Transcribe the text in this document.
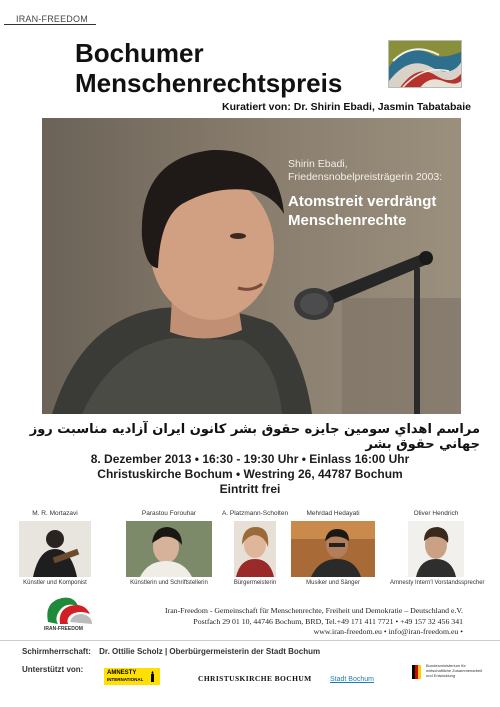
IRAN-FREEDOM
Bochumer
Menschenrechtspreis
Kuratiert von: Dr. Shirin Ebadi, Jasmin Tabatabaie
Shirin Ebadi,
Friedensnobelpreisträgerin 2003:
Atomstreit verdrängt
Menschenrechte
مراسم اهداي سومين جايزه حقوق بشر كانون ايران آزاديه مناسبت روز جهاني حقوق بشر
8. Dezember 2013 • 16:30 - 19:30 Uhr • Einlass 16:00 Uhr
Christuskirche Bochum • Westring 26, 44787 Bochum
Eintritt frei
M. R. Mortazavi
Künstler und Komponist
Parastou Forouhar
Künstlerin und Schriftstellerin
A. Platzmann-Scholten
Bürgermeisterin
Mehrdad Hedayati
Musiker und Sänger
Oliver Hendrich
Amnesty Intern'l Vorstandssprecher
IRAN-FREEDOM
Iran-Freedom - Gemeinschaft für Menschenrechte, Freiheit und Demokratie – Deutschland e.V.
Postfach 29 01 10, 44746 Bochum, BRD, Tel.+49 171 411 7721 • +49 157 32 456 341
www.iran-freedom.eu • info@iran-freedom.eu •
Schirmherrschaft: Dr. Ottilie Scholz | Oberbürgermeisterin der Stadt Bochum
Unterstützt von:	AMNESTY
INTERNATIONAL	CHRISTUSKIRCHE BOCHUM	Stadt Bochum
Bundesministerium für wirtschaftliche Zusammenarbeit und Entwicklung
